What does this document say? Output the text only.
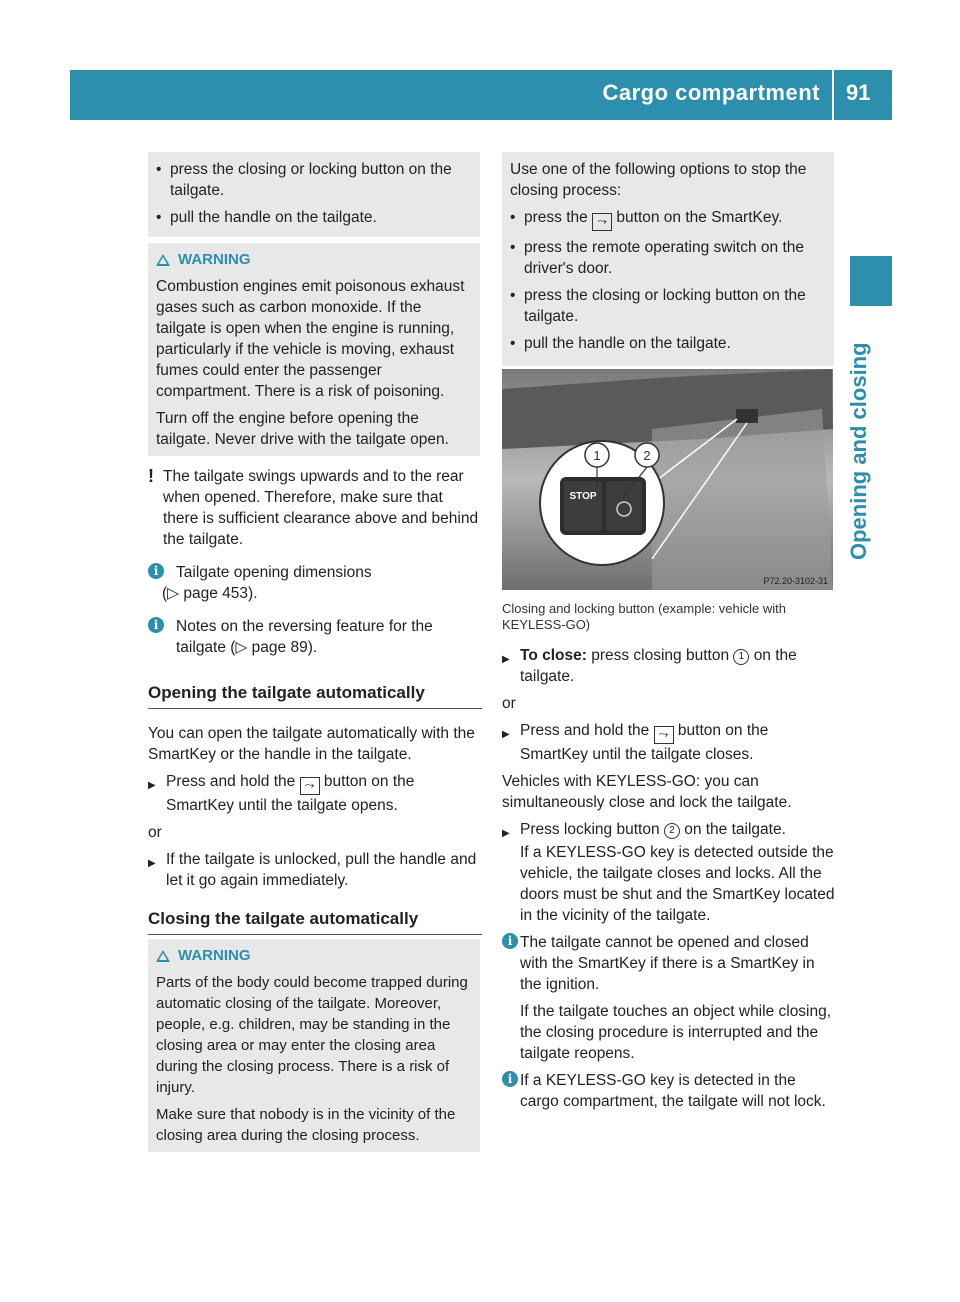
Cargo compartment 91
Opening and closing
• press the closing or locking button on the tailgate.
• pull the handle on the tailgate.
WARNING

Combustion engines emit poisonous exhaust gases such as carbon monoxide. If the tailgate is open when the engine is running, particularly if the vehicle is moving, exhaust fumes could enter the passenger compartment. There is a risk of poisoning.

Turn off the engine before opening the tailgate. Never drive with the tailgate open.

! The tailgate swings upwards and to the rear when opened. Therefore, make sure that there is sufficient clearance above and behind the tailgate.

i	Tailgate opening dimensions

(▷ page 453).

i	Notes on the reversing feature for the tailgate (▷ page 89).

Opening the tailgate automatically

You can open the tailgate automatically with the SmartKey or the handle in the tailgate.

▶ Press and hold the ⤳ button on the SmartKey until the tailgate opens.

or

▶ If the tailgate is unlocked, pull the handle and let it go again immediately.
Closing the tailgate automatically
WARNING

Parts of the body could become trapped during automatic closing of the tailgate. Moreover, people, e.g. children, may be standing in the closing area or may enter the closing area during the closing process. There is a risk of injury.

Make sure that nobody is in the vicinity of the closing area during the closing process.

Use one of the following options to stop the closing process:

• press the ⤳ button on the SmartKey.
• press the remote operating switch on the driver's door.
• press the closing or locking button on the tailgate.
• pull the handle on the tailgate.
STOP
1	2
P72.20-3102-31
Closing and locking button (example: vehicle with KEYLESS-GO)
▶ To close: press closing button 1 on the tailgate.

or

▶ Press and hold the ⤳ button on the SmartKey until the tailgate closes.

Vehicles with KEYLESS-GO: you can simultaneously close and lock the tailgate.

▶ Press locking button 2 on the tailgate.

If a KEYLESS-GO key is detected outside the vehicle, the tailgate closes and locks. All the doors must be shut and the SmartKey located in the vicinity of the tailgate.

i The tailgate cannot be opened and closed with the SmartKey if there is a SmartKey in the ignition.

If the tailgate touches an object while closing, the closing procedure is interrupted and the tailgate reopens.

i If a KEYLESS-GO key is detected in the cargo compartment, the tailgate will not lock.
